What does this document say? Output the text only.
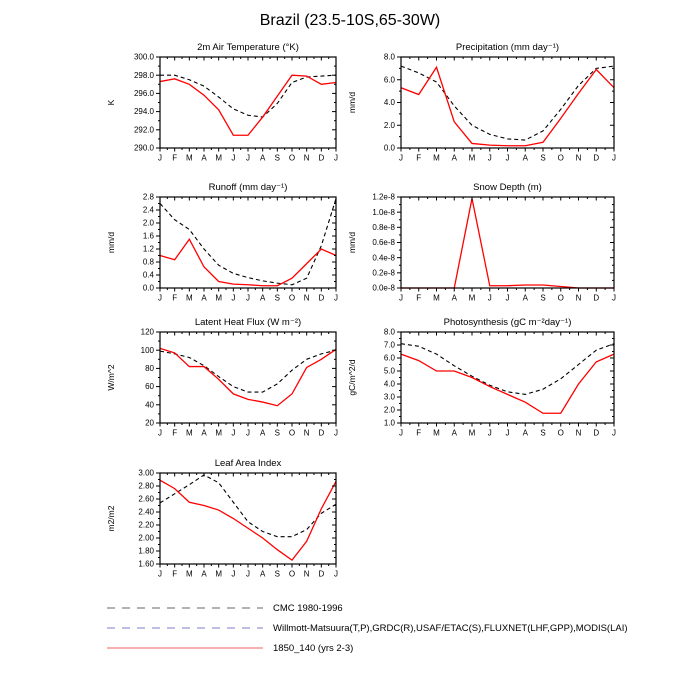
Brazil (23.5-10S,65-30W)
2m Air Temperature (°K)
J F M A M J J A S O N D J
290.0
292.0
294.0
296.0
298.0
300.0
K
Precipitation (mm day⁻¹)
J F M A M J J A S O N D J
0.0
2.0
4.0
6.0
8.0
mm/d
Runoff (mm day⁻¹)
J F M A M J J A S O N D J
0.0
0.4
0.8
1.2
1.6
2.0
2.4
2.8
mm/d
Snow Depth (m)
J F M A M J J A S O N D J
0.0e-8
0.2e-8
0.4e-8
0.6e-8
0.8e-8
1.0e-8
1.2e-8
mm/d
Latent Heat Flux (W m⁻²)
J F M A M J J A S O N D J
20
40
60
80
100
120
W/m^2
Photosynthesis (gC m⁻²day⁻¹)
J F M A M J J A S O N D J
1.0
2.0
3.0
4.0
5.0
6.0
7.0
8.0
gC/m^2/d
Leaf Area Index
J F M A M J J A S O N D J
1.60
1.80
2.00
2.20
2.40
2.60
2.80
3.00
m2/m2
CMC 1980-1996
Willmott-Matsuura(T,P),GRDC(R),USAF/ETAC(S),FLUXNET(LHF,GPP),MODIS(LAI)
1850_140 (yrs 2-3)
